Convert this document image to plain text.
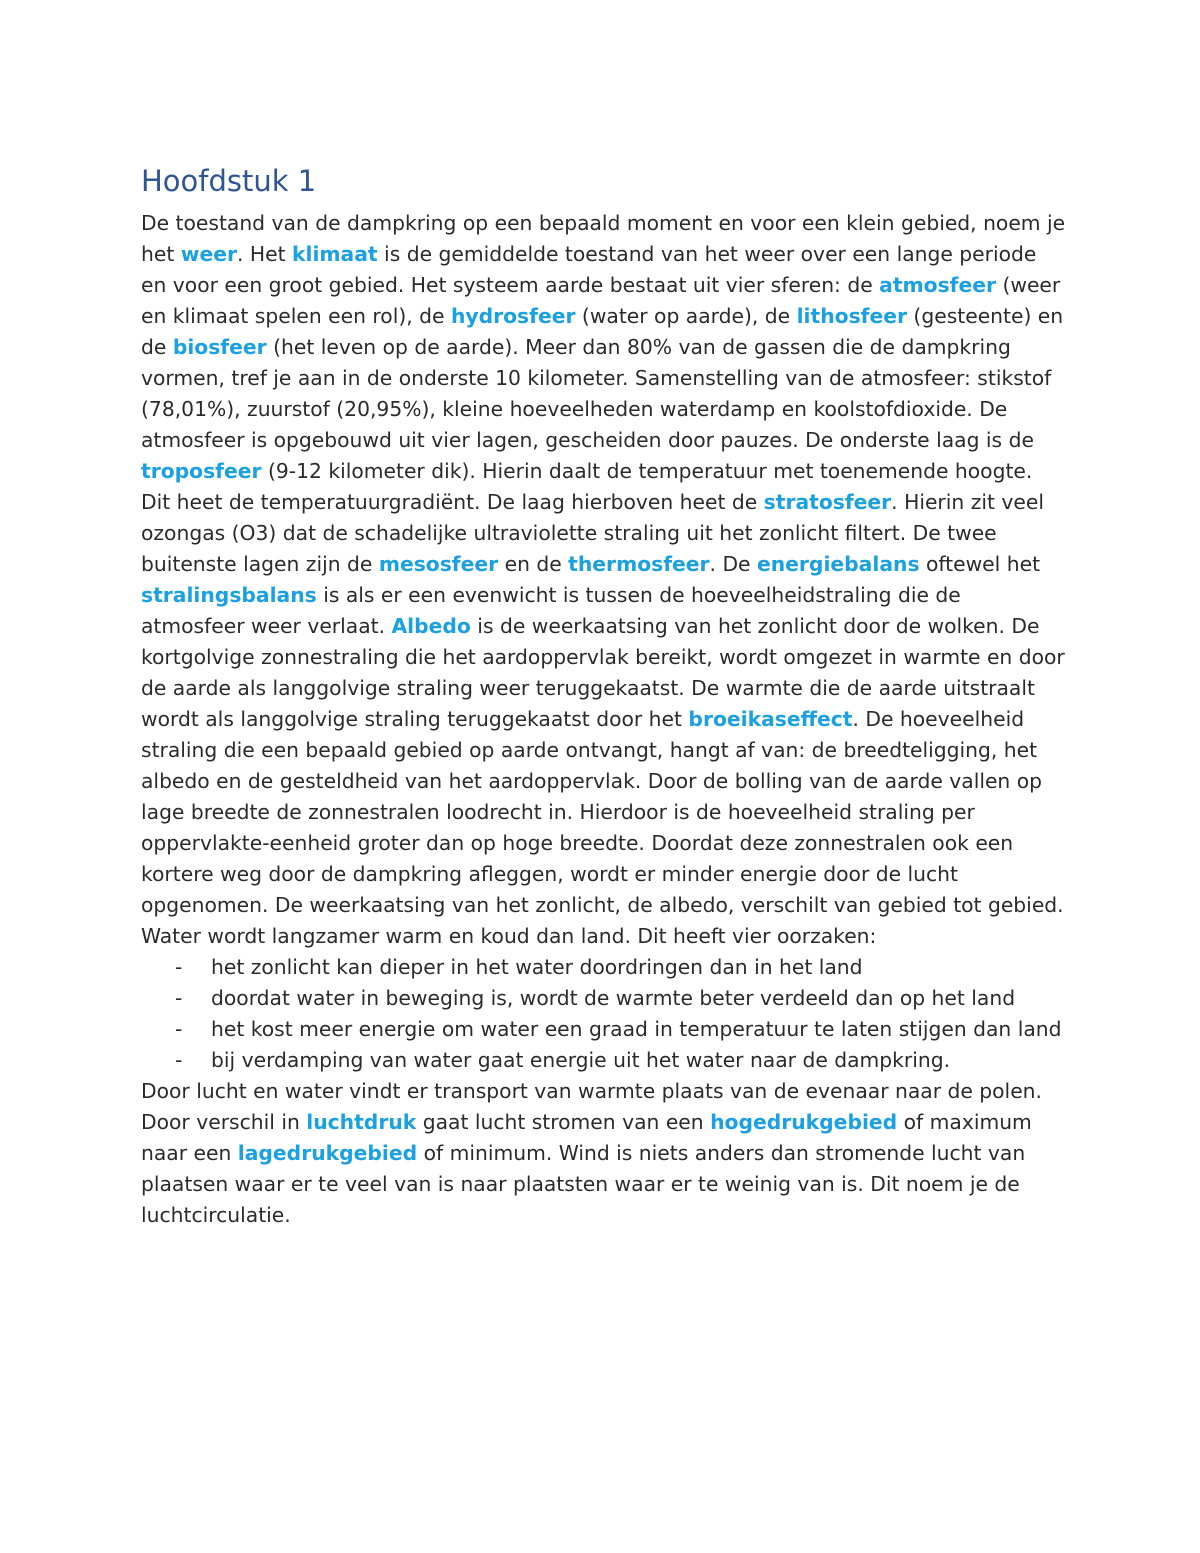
Hoofdstuk 1

De toestand van de dampkring op een bepaald moment en voor een klein gebied, noem je het weer. Het klimaat is de gemiddelde toestand van het weer over een lange periode en voor een groot gebied. Het systeem aarde bestaat uit vier sferen: de atmosfeer (weer en klimaat spelen een rol), de hydrosfeer (water op aarde), de lithosfeer (gesteente) en de biosfeer (het leven op de aarde). Meer dan 80% van de gassen die de dampkring vormen, tref je aan in de onderste 10 kilometer. Samenstelling van de atmosfeer: stikstof (78,01%), zuurstof (20,95%), kleine hoeveelheden waterdamp en koolstofdioxide. De atmosfeer is opgebouwd uit vier lagen, gescheiden door pauzes. De onderste laag is de troposfeer (9-12 kilometer dik). Hierin daalt de temperatuur met toenemende hoogte. Dit heet de temperatuurgradiënt. De laag hierboven heet de stratosfeer. Hierin zit veel ozongas (O3) dat de schadelijke ultraviolette straling uit het zonlicht filtert. De twee buitenste lagen zijn de mesosfeer en de thermosfeer. De energiebalans oftewel het stralingsbalans is als er een evenwicht is tussen de hoeveelheidstraling die de atmosfeer weer verlaat. Albedo is de weerkaatsing van het zonlicht door de wolken. De kortgolvige zonnestraling die het aardoppervlak bereikt, wordt omgezet in warmte en door de aarde als langgolvige straling weer teruggekaatst. De warmte die de aarde uitstraalt wordt als langgolvige straling teruggekaatst door het broeikaseffect. De hoeveelheid straling die een bepaald gebied op aarde ontvangt, hangt af van: de breedteligging, het albedo en de gesteldheid van het aardoppervlak. Door de bolling van de aarde vallen op lage breedte de zonnestralen loodrecht in. Hierdoor is de hoeveelheid straling per oppervlakte-eenheid groter dan op hoge breedte. Doordat deze zonnestralen ook een kortere weg door de dampkring afleggen, wordt er minder energie door de lucht opgenomen. De weerkaatsing van het zonlicht, de albedo, verschilt van gebied tot gebied. Water wordt langzamer warm en koud dan land. Dit heeft vier oorzaken:

- het zonlicht kan dieper in het water doordringen dan in het land
- doordat water in beweging is, wordt de warmte beter verdeeld dan op het land
- het kost meer energie om water een graad in temperatuur te laten stijgen dan land
- bij verdamping van water gaat energie uit het water naar de dampkring.

Door lucht en water vindt er transport van warmte plaats van de evenaar naar de polen. Door verschil in luchtdruk gaat lucht stromen van een hogedrukgebied of maximum naar een lagedrukgebied of minimum. Wind is niets anders dan stromende lucht van plaatsen waar er te veel van is naar plaatsten waar er te weinig van is. Dit noem je de luchtcirculatie.
